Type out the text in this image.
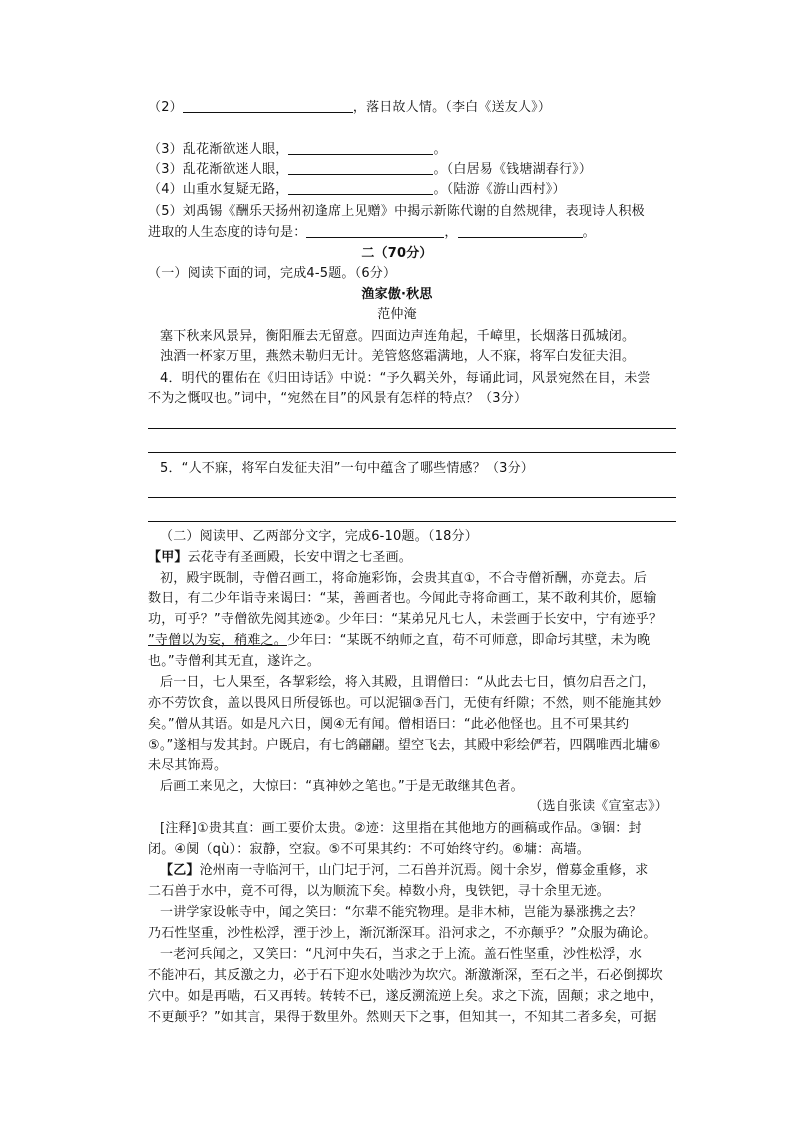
（2）	，落日故人情。（李白《送友人》）
（3）乱花渐欲迷人眼，	。
（3）乱花渐欲迷人眼，	。（白居易《钱塘湖春行》）
（4）山重水复疑无路，	。（陆游《游山西村》）
（5）刘禹锡《酬乐天扬州初逢席上见赠》中揭示新陈代谢的自然规律，表现诗人积极
进取的人生态度的诗句是：	，	。
二（70分）
（一）阅读下面的词，完成4-5题。（6分）
渔家傲·秋思
范仲淹
塞下秋来风景异，衡阳雁去无留意。四面边声连角起，千嶂里，长烟落日孤城闭。
浊酒一杯家万里，燕然未勒归无计。羌管悠悠霜满地，人不寐，将军白发征夫泪。
4．明代的瞿佑在《归田诗话》中说：“予久羁关外，每诵此词，风景宛然在目，未尝
不为之慨叹也。”词中，“宛然在目”的风景有怎样的特点？（3分）
5．“人不寐，将军白发征夫泪”一句中蕴含了哪些情感？（3分）
（二）阅读甲、乙两部分文字，完成6-10题。（18分）
【甲】云花寺有圣画殿，长安中谓之七圣画。
初，殿宇既制，寺僧召画工，将命施彩饰，会贵其直①，不合寺僧祈酬，亦竟去。后
数日，有二少年诣寺来谒曰：“某，善画者也。今闻此寺将命画工，某不敢利其价，愿输
功，可乎？”寺僧欲先阅其迹②。少年曰：“某弟兄凡七人，未尝画于长安中，宁有迹乎？
”寺僧以为妄，稍难之。少年曰：“某既不纳师之直，苟不可师意，即命圬其壁，未为晚
也。”寺僧利其无直，遂许之。
后一日，七人果至，各挈彩绘，将入其殿，且谓僧曰：“从此去七日，慎勿启吾之门，
亦不劳饮食，盖以畏风日所侵铄也。可以泥锢③吾门，无使有纤隙；不然，则不能施其妙
矣。”僧从其语。如是凡六日，阒④无有闻。僧相语曰：“此必他怪也。且不可果其约
⑤。”遂相与发其封。户既启，有七鸽翩翩。望空飞去，其殿中彩绘俨若，四隅唯西北墉⑥
未尽其饰焉。
后画工来见之，大惊曰：“真神妙之笔也。”于是无敢继其色者。
（选自张读《宣室志》）
[注释]①贵其直：画工要价太贵。②迹：这里指在其他地方的画稿或作品。③锢：封
闭。④阒（qù）：寂静，空寂。⑤不可果其约：不可始终守约。⑥墉：高墙。
【乙】沧州南一寺临河干，山门圮于河，二石兽并沉焉。阅十余岁，僧募金重修，求
二石兽于水中，竟不可得，以为顺流下矣。棹数小舟，曳铁钯，寻十余里无迹。
一讲学家设帐寺中，闻之笑曰：“尔辈不能究物理。是非木柿，岂能为暴涨携之去？
乃石性坚重，沙性松浮，湮于沙上，渐沉渐深耳。沿河求之，不亦颠乎？”众服为确论。
一老河兵闻之，又笑曰：“凡河中失石，当求之于上流。盖石性坚重，沙性松浮，水
不能冲石，其反激之力，必于石下迎水处啮沙为坎穴。渐激渐深，至石之半，石必倒掷坎
穴中。如是再啮，石又再转。转转不已，遂反溯流逆上矣。求之下流，固颠；求之地中，
不更颠乎？”如其言，果得于数里外。然则天下之事，但知其一，不知其二者多矣，可据
